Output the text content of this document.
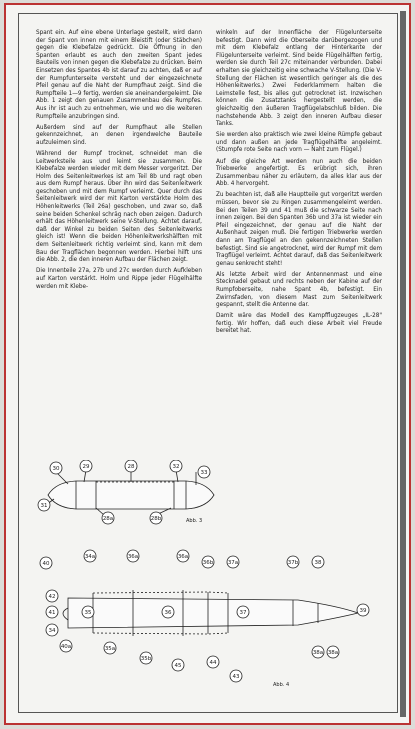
Spant ein. Auf eine ebene Unterlage gestellt, wird dann der Spant von innen mit einem Bleistift (oder Stäbchen) gegen die Klebefalze gedrückt. Die Öffnung in den Spanten erlaubt es auch den zweiten Spant jedes Bauteils von innen gegen die Klebefalze zu drücken. Beim Einsetzen des Spantes 4b ist darauf zu achten, daß er auf der Rumpfunterseite versteht und der eingezeichnete Pfeil genau auf die Naht der Rumpfhaut zeigt. Sind die Rumpfteile 1—9 fertig, werden sie aneinandergeleimt. Die Abb. 1 zeigt den genauen Zusammenbau des Rumpfes. Aus ihr ist auch zu entnehmen, wie und wo die weiteren Rumpfteile anzubringen sind.

Außerdem sind auf der Rumpfhaut alle Stellen gekennzeichnet, an denen irgendwelche Bauteile aufzuleimen sind.

Während der Rumpf trocknet, schneidet man die Leitwerksteile aus und leimt sie zusammen. Die Klebefalze werden wieder mit dem Messer vorgeritzt. Der Holm des Seitenleitwerkes ist am Teil 8b und ragt oben aus dem Rumpf heraus. Über ihn wird das Seitenleitwerk geschoben und mit dem Rumpf verleimt. Quer durch das Seitenleitwerk wird der mit Karton verstärkte Holm des Höhenleitwerks (Teil 26a) geschoben, und zwar so, daß seine beiden Schenkel schräg nach oben zeigen. Dadurch erhält das Höhenleitwerk seine V-Stellung. Achtet darauf, daß der Winkel zu beiden Seiten des Seitenleitwerks gleich ist! Wenn die beiden Höhenleitwerkshälften mit dem Seitenleitwerk richtig verleimt sind, kann mit dem Bau der Tragflächen begonnen werden. Hierbei hilft uns die Abb. 2, die den inneren Aufbau der Flächen zeigt.

Die Innenteile 27a, 27b und 27c werden durch Aufkleben auf Karton verstärkt. Holm und Rippe jeder Flügelhälfte werden mit Klebe-

winkeln auf der Innenfläche der Flügelunterseite befestigt. Dann wird die Oberseite darübergezogen und mit dem Klebefalz entlang der Hinterkante der Flügelunterseite verleimt. Sind beide Flügelhälften fertig, werden sie durch Teil 27c miteinander verbunden. Dabei erhalten sie gleichzeitig eine schwache V-Stellung. (Die V-Stellung der Flächen ist wesentlich geringer als die des Höhenleitwerks.) Zwei Federklammern halten die Leimstelle fest, bis alles gut getrocknet ist. Inzwischen können die Zusatztanks hergestellt werden, die gleichzeitig den äußeren Tragflügelabschluß bilden. Die nachstehende Abb. 3 zeigt den inneren Aufbau dieser Tanks.

Sie werden also praktisch wie zwei kleine Rümpfe gebaut und dann außen an jede Tragflügelhälfte angeleimt. (Stumpfe rote Seite nach vorn — Naht zum Flügel.)

Auf die gleiche Art werden nun auch die beiden Triebwerke angefertigt. Es erübrigt sich, ihren Zusammenbau näher zu erläutern, da alles klar aus der Abb. 4 hervorgeht.

Zu beachten ist, daß alle Hauptteile gut vorgeritzt werden müssen, bevor sie zu Ringen zusammengeleimt werden. Bei den Teilen 39 und 41 muß die schwarze Seite nach innen zeigen. Bei den Spanten 36b und 37a ist wieder ein Pfeil eingezeichnet, der genau auf die Naht der Außenhaut zeigen muß. Die fertigen Triebwerke werden dann am Tragflügel an den gekennzeichneten Stellen befestigt. Sind sie angetrocknet, wird der Rumpf mit dem Tragflügel verleimt. Achtet darauf, daß das Seitenleitwerk genau senkrecht steht!

Als letzte Arbeit wird der Antennenmast und eine Stecknadel gebaut und rechts neben der Kabine auf der Rumpfoberseite, nahe Spant 4b, befestigt. Ein Zwirnsfaden, von diesem Mast zum Seitenleitwerk gespannt, stellt die Antenne dar.

Damit wäre das Modell des Kampfflugzeuges „IL-28" fertig. Wir hoffen, daß euch diese Arbeit viel Freude bereitet hat.

30	29	28	32
33
31
28a	28b	Abb. 3
40
34a	36a	36a
36b	37a	37b	38
39
42
41	35	36	37
34
40a	35a
35b
45	44
43
38a 38a
Abb. 4
